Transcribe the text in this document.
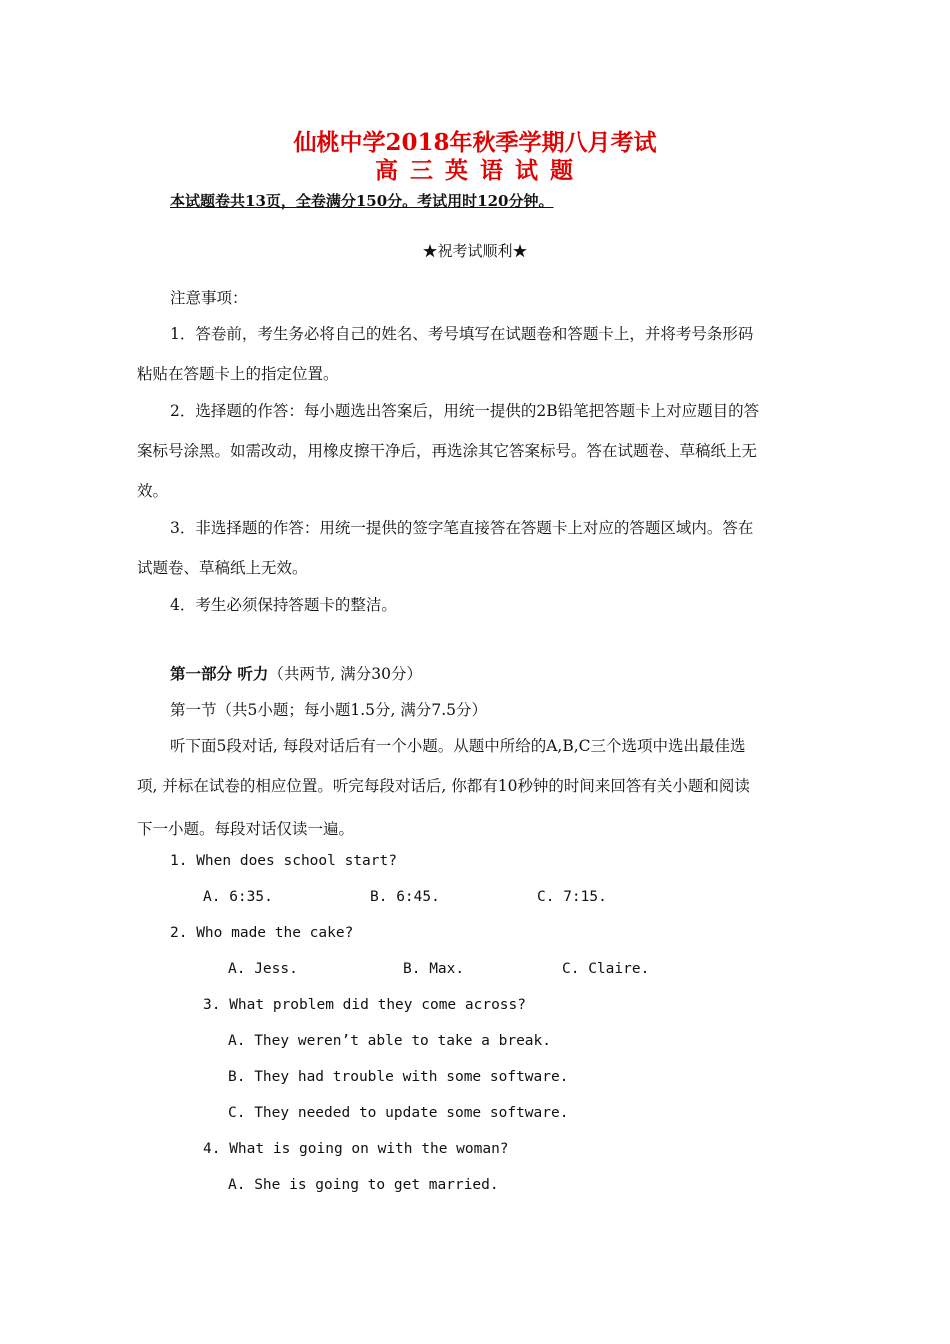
仙桃中学2018年秋季学期八月考试
高 三 英 语 试 题
本试题卷共13页，全卷满分150分。考试用时120分钟。
★祝考试顺利★
注意事项：
1．答卷前，考生务必将自己的姓名、考号填写在试题卷和答题卡上，并将考号条形码
粘贴在答题卡上的指定位置。
2．选择题的作答：每小题选出答案后，用统一提供的2B铅笔把答题卡上对应题目的答
案标号涂黑。如需改动，用橡皮擦干净后，再选涂其它答案标号。答在试题卷、草稿纸上无
效。
3．非选择题的作答：用统一提供的签字笔直接答在答题卡上对应的答题区域内。答在
试题卷、草稿纸上无效。
4．考生必须保持答题卡的整洁。
第一部分 听力（共两节, 满分30分）
第一节（共5小题；每小题1.5分, 满分7.5分）
听下面5段对话, 每段对话后有一个小题。从题中所给的A,B,C三个选项中选出最佳选
项, 并标在试卷的相应位置。听完每段对话后, 你都有10秒钟的时间来回答有关小题和阅读
下一小题。每段对话仅读一遍。
1. When does school start?
A. 6:35.	B. 6:45.	C. 7:15.
2. Who made the cake?
A. Jess.	B. Max.	C. Claire.
3. What problem did they come across?
A. They weren’t able to take a break.
B. They had trouble with some software.
C. They needed to update some software.
4. What is going on with the woman?
A. She is going to get married.
